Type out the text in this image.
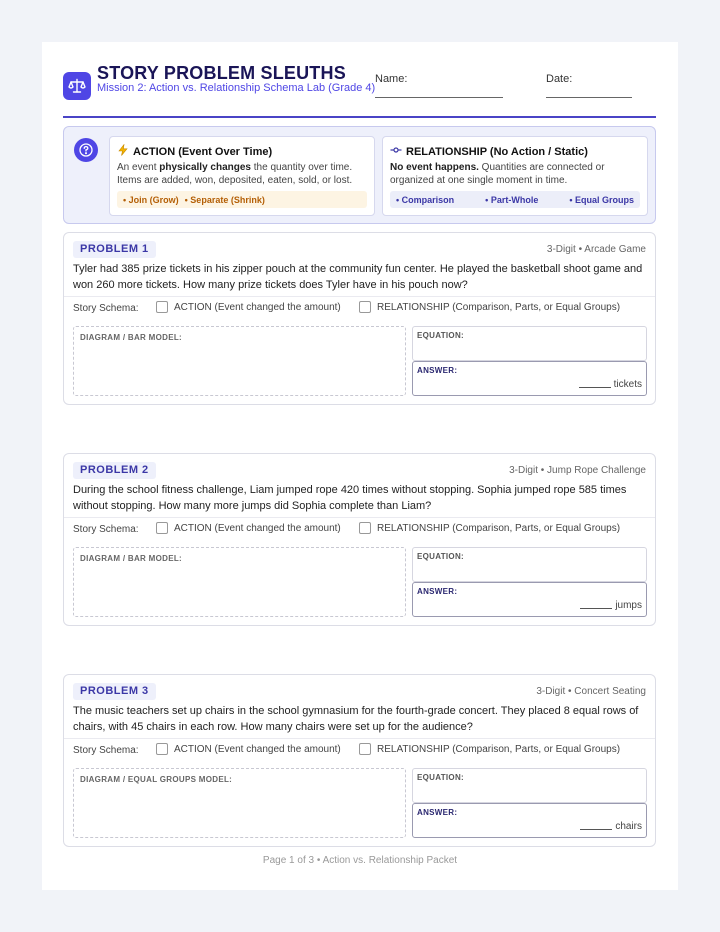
STORY PROBLEM SLEUTHS
Mission 2: Action vs. Relationship Schema Lab (Grade 4)
Name:	Date:
ACTION (Event Over Time)
An event physically changes the quantity over time. Items are added, won, deposited, eaten, sold, or lost.
• Join (Grow) • Separate (Shrink)
RELATIONSHIP (No Action / Static)
No event happens. Quantities are connected or organized at one single moment in time.
• Comparison	• Part-Whole	• Equal Groups
PROBLEM 1	3-Digit • Arcade Game
Tyler had 385 prize tickets in his zipper pouch at the community fun center. He played the basketball shoot game and won 260 more tickets. How many prize tickets does Tyler have in his pouch now?
Story Schema:	ACTION (Event changed the amount)	RELATIONSHIP (Comparison, Parts, or Equal Groups)
DIAGRAM / BAR MODEL:	EQUATION:
ANSWER:
tickets
PROBLEM 2	3-Digit • Jump Rope Challenge
During the school fitness challenge, Liam jumped rope 420 times without stopping. Sophia jumped rope 585 times without stopping. How many more jumps did Sophia complete than Liam?
Story Schema:	ACTION (Event changed the amount)	RELATIONSHIP (Comparison, Parts, or Equal Groups)
DIAGRAM / BAR MODEL:	EQUATION:
ANSWER:
jumps
PROBLEM 3	3-Digit • Concert Seating
The music teachers set up chairs in the school gymnasium for the fourth-grade concert. They placed 8 equal rows of chairs, with 45 chairs in each row. How many chairs were set up for the audience?
Story Schema:	ACTION (Event changed the amount)	RELATIONSHIP (Comparison, Parts, or Equal Groups)
DIAGRAM / EQUAL GROUPS MODEL:	EQUATION:
ANSWER:
chairs
Page 1 of 3 • Action vs. Relationship Packet
